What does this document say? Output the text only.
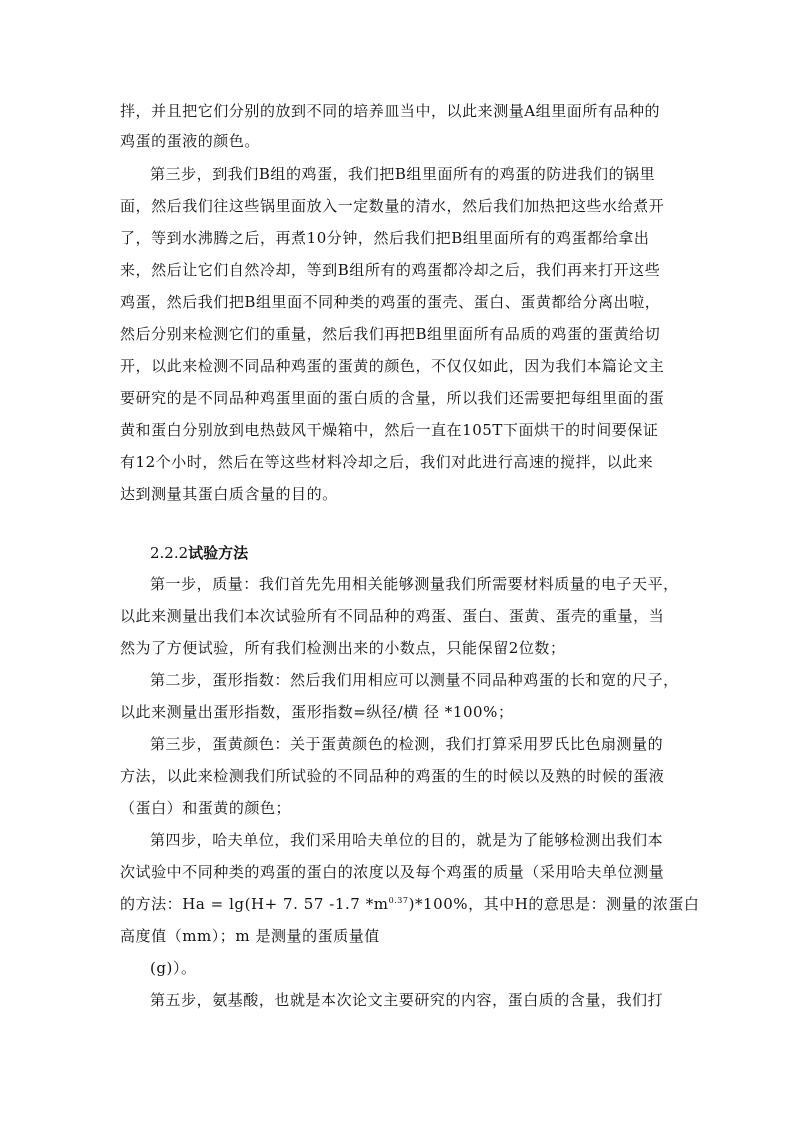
拌，并且把它们分别的放到不同的培养皿当中，以此来测量A组里面所有品种的
鸡蛋的蛋液的颜色。
第三步，到我们B组的鸡蛋，我们把B组里面所有的鸡蛋的防进我们的锅里
面，然后我们往这些锅里面放入一定数量的清水，然后我们加热把这些水给煮开
了，等到水沸腾之后，再煮10分钟，然后我们把B组里面所有的鸡蛋都给拿出
来，然后让它们自然冷却，等到B组所有的鸡蛋都冷却之后，我们再来打开这些
鸡蛋，然后我们把B组里面不同种类的鸡蛋的蛋壳、蛋白、蛋黄都给分离出啦，
然后分别来检测它们的重量，然后我们再把B组里面所有品质的鸡蛋的蛋黄给切
开，以此来检测不同品种鸡蛋的蛋黄的颜色，不仅仅如此，因为我们本篇论文主
要研究的是不同品种鸡蛋里面的蛋白质的含量，所以我们还需要把每组里面的蛋
黄和蛋白分别放到电热鼓风干燥箱中，然后一直在105T下面烘干的时间要保证
有12个小时，然后在等这些材料冷却之后，我们对此进行高速的搅拌，以此来
达到测量其蛋白质含量的目的。
2.2.2试验方法
第一步，质量：我们首先先用相关能够测量我们所需要材料质量的电子天平，
以此来测量出我们本次试验所有不同品种的鸡蛋、蛋白、蛋黄、蛋壳的重量，当
然为了方便试验，所有我们检测出来的小数点，只能保留2位数；
第二步，蛋形指数：然后我们用相应可以测量不同品种鸡蛋的长和宽的尺子，
以此来测量出蛋形指数，蛋形指数=纵径/横 径 *100%；
第三步，蛋黄颜色：关于蛋黄颜色的检测，我们打算采用罗氏比色扇测量的
方法，以此来检测我们所试验的不同品种的鸡蛋的生的时候以及熟的时候的蛋液
（蛋白）和蛋黄的颜色；
第四步，哈夫单位，我们采用哈夫单位的目的，就是为了能够检测出我们本
次试验中不同种类的鸡蛋的蛋白的浓度以及每个鸡蛋的质量（采用哈夫单位测量
的方法：Ha = lg(H+ 7. 57 -1.7 $*m^{0.37})*100\%$，其中H的意思是：测量的浓蛋白
高度值（mm）；m 是测量的蛋质量值
(g)）。
第五步，氨基酸，也就是本次论文主要研究的内容，蛋白质的含量，我们打
